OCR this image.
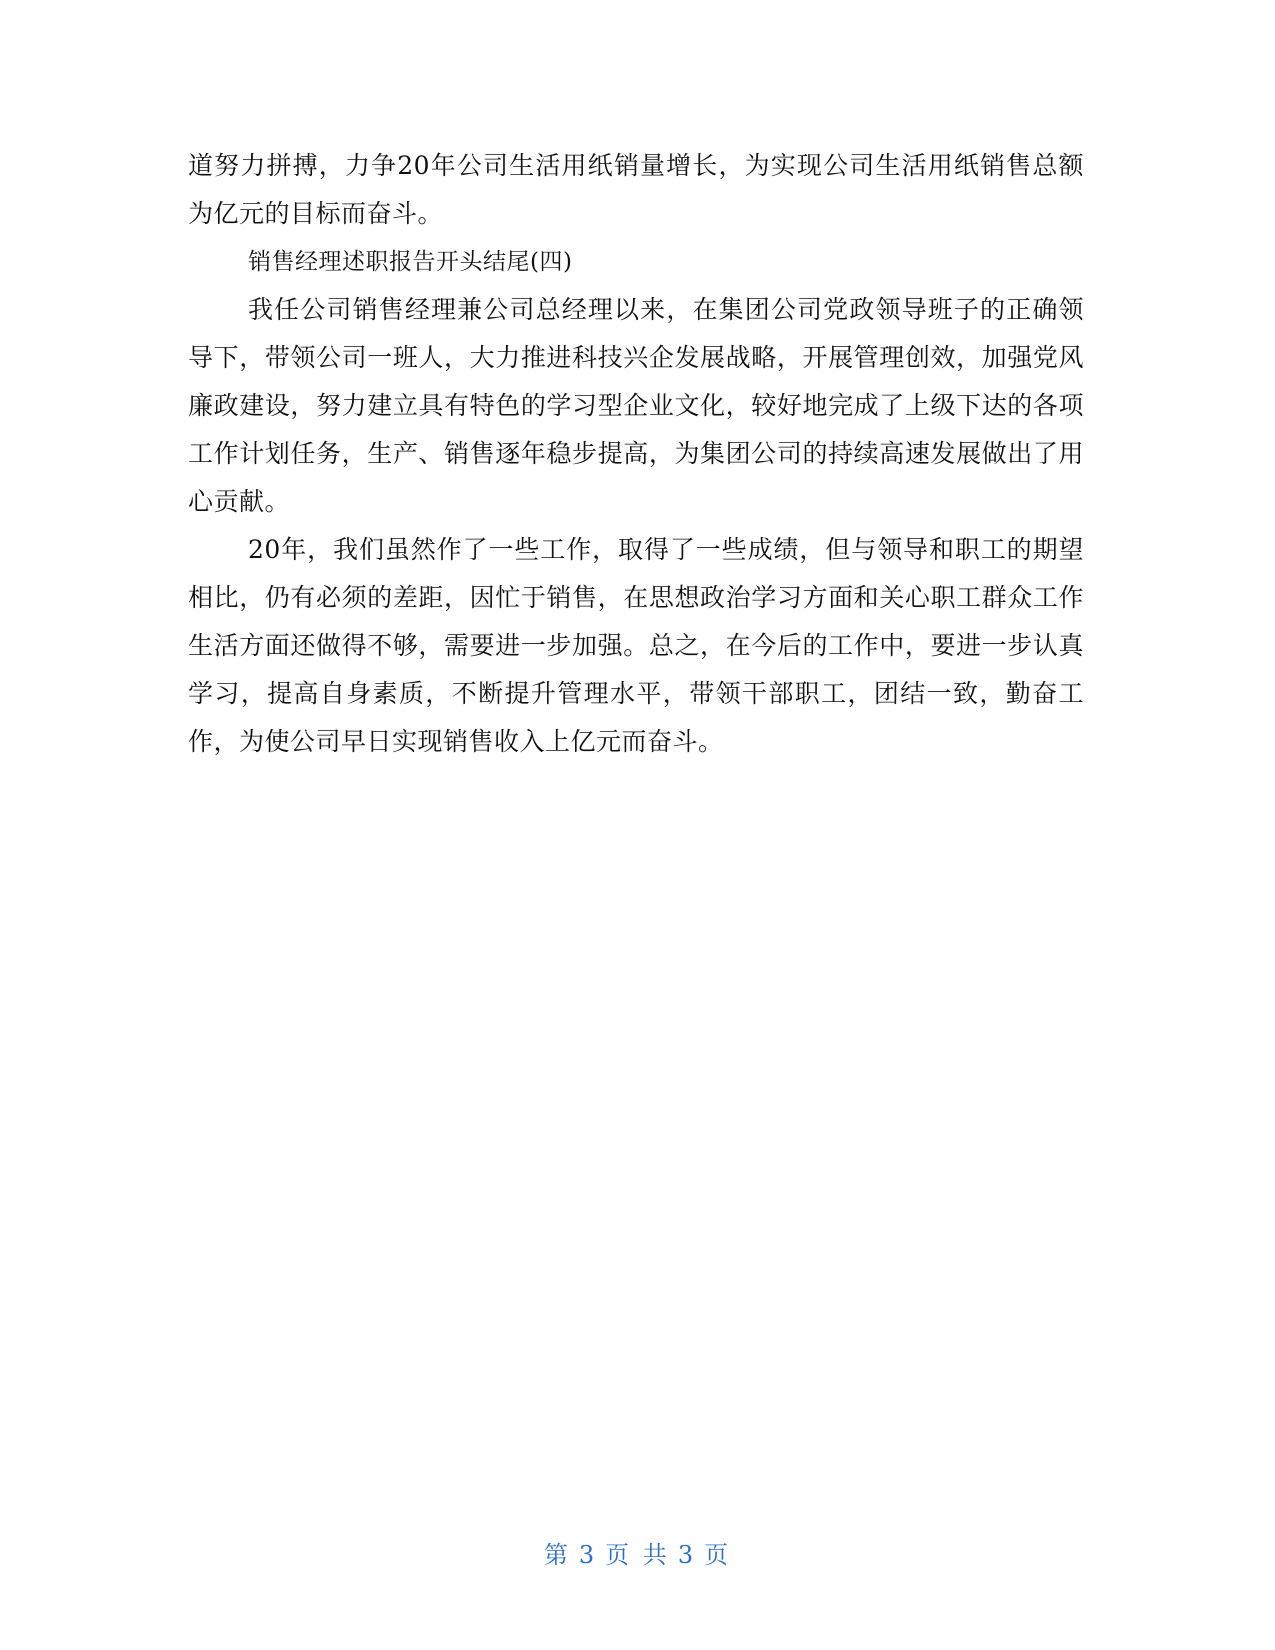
道努力拼搏，力争20年公司生活用纸销量增长，为实现公司生活用纸销售总额为亿元的目标而奋斗。

销售经理述职报告开头结尾(四)

我任公司销售经理兼公司总经理以来，在集团公司党政领导班子的正确领导下，带领公司一班人，大力推进科技兴企发展战略，开展管理创效，加强党风廉政建设，努力建立具有特色的学习型企业文化，较好地完成了上级下达的各项工作计划任务，生产、销售逐年稳步提高，为集团公司的持续高速发展做出了用心贡献。

20年，我们虽然作了一些工作，取得了一些成绩，但与领导和职工的期望相比，仍有必须的差距，因忙于销售，在思想政治学习方面和关心职工群众工作生活方面还做得不够，需要进一步加强。总之，在今后的工作中，要进一步认真学习，提高自身素质，不断提升管理水平，带领干部职工，团结一致，勤奋工作，为使公司早日实现销售收入上亿元而奋斗。

第 3 页 共 3 页
